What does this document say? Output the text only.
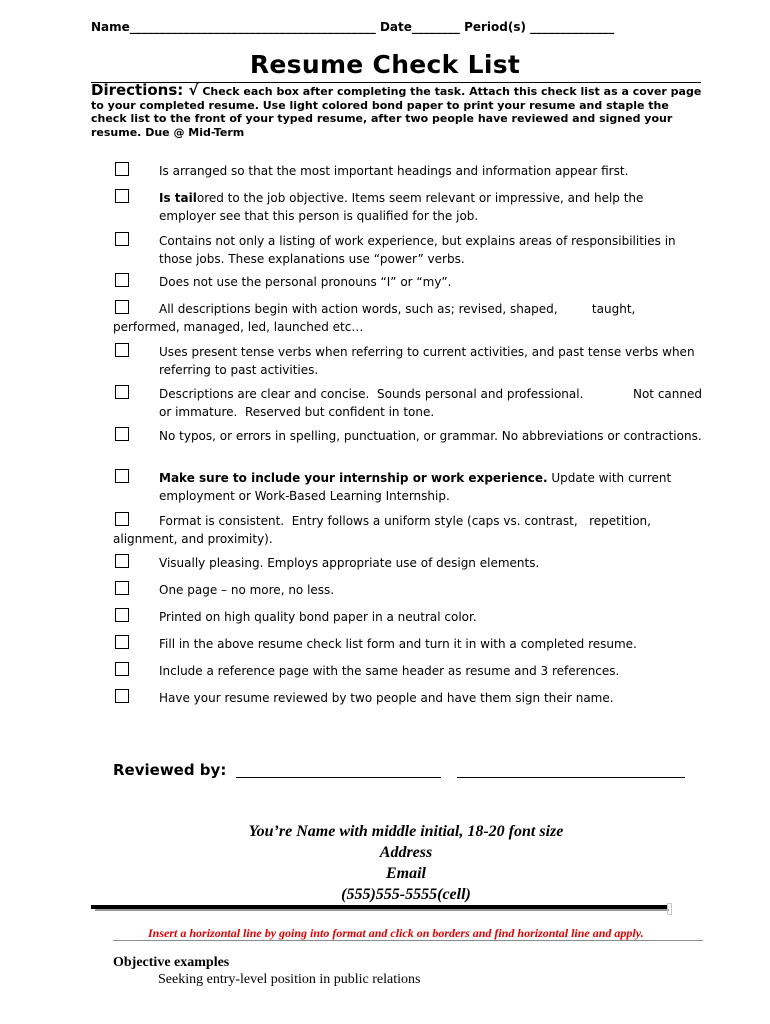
Name_________________________________________ Date________ Period(s) ______________
Resume Check List
Directions: √ Check each box after completing the task. Attach this check list as a cover page to your completed resume. Use light colored bond paper to print your resume and staple the check list to the front of your typed resume, after two people have reviewed and signed your resume. Due @ Mid-Term
Is arranged so that the most important headings and information appear first.
Is tailored to the job objective. Items seem relevant or impressive, and help the employer see that this person is qualified for the job.
Contains not only a listing of work experience, but explains areas of responsibilities in those jobs. These explanations use “power” verbs.
Does not use the personal pronouns “I” or “my”.
All descriptions begin with action words, such as; revised, shaped,         taught, performed, managed, led, launched etc…
Uses present tense verbs when referring to current activities, and past tense verbs when referring to past activities.
Descriptions are clear and concise.  Sounds personal and professional.             Not canned or immature.  Reserved but confident in tone.
No typos, or errors in spelling, punctuation, or grammar. No abbreviations or contractions.
Make sure to include your internship or work experience. Update with current employment or Work-Based Learning Internship.
Format is consistent.  Entry follows a uniform style (caps vs. contrast,   repetition, alignment, and proximity).
Visually pleasing. Employs appropriate use of design elements.
One page – no more, no less.
Printed on high quality bond paper in a neutral color.
Fill in the above resume check list form and turn it in with a completed resume.
Include a reference page with the same header as resume and 3 references.
Have your resume reviewed by two people and have them sign their name.
Reviewed by:
You’re Name with middle initial, 18-20 font size
Address
Email
(555)555-5555(cell)
Insert a horizontal line by going into format and click on borders and find horizontal line and apply.
Objective examples
Seeking entry-level position in public relations
